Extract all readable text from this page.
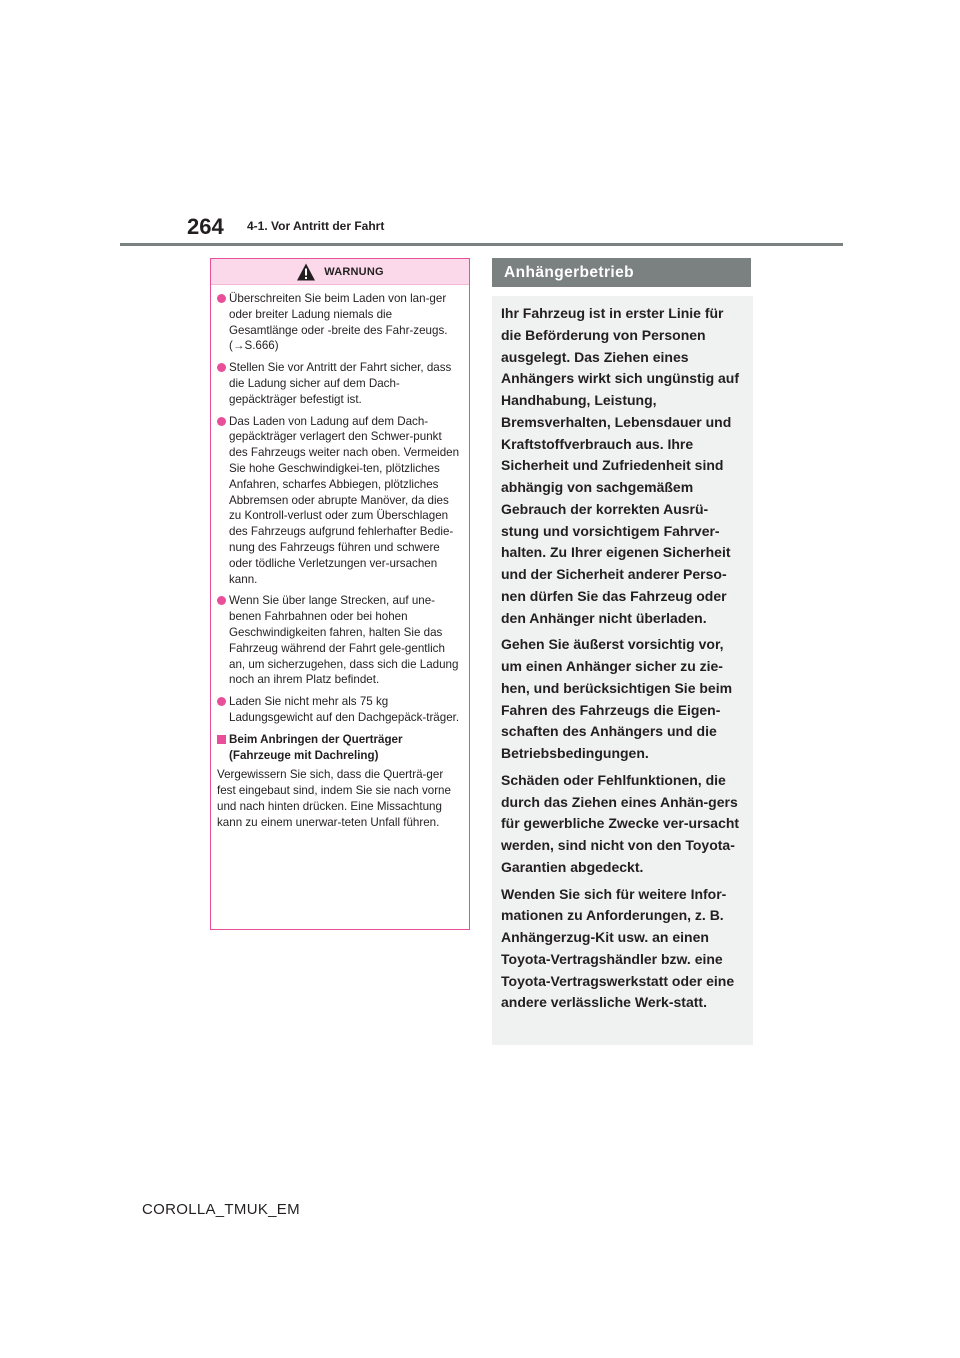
264 4-1. Vor Antritt der Fahrt
WARNUNG
Überschreiten Sie beim Laden von lan-ger oder breiter Ladung niemals die Gesamtlänge oder -breite des Fahr-zeugs. (→S.666)
Stellen Sie vor Antritt der Fahrt sicher, dass die Ladung sicher auf dem Dach-gepäckträger befestigt ist.
Das Laden von Ladung auf dem Dach-gepäckträger verlagert den Schwer-punkt des Fahrzeugs weiter nach oben. Vermeiden Sie hohe Geschwindigkei-ten, plötzliches Anfahren, scharfes Abbiegen, plötzliches Abbremsen oder abrupte Manöver, da dies zu Kontroll-verlust oder zum Überschlagen des Fahrzeugs aufgrund fehlerhafter Bedie-nung des Fahrzeugs führen und schwere oder tödliche Verletzungen ver-ursachen kann.
Wenn Sie über lange Strecken, auf une-benen Fahrbahnen oder bei hohen Geschwindigkeiten fahren, halten Sie das Fahrzeug während der Fahrt gele-gentlich an, um sicherzugehen, dass sich die Ladung noch an ihrem Platz befindet.
Laden Sie nicht mehr als 75 kg Ladungsgewicht auf den Dachgepäck-träger.
Beim Anbringen der Querträger (Fahrzeuge mit Dachreling)
Vergewissern Sie sich, dass die Querträ-ger fest eingebaut sind, indem Sie sie nach vorne und nach hinten drücken. Eine Missachtung kann zu einem unerwar-teten Unfall führen.
Anhängerbetrieb

Ihr Fahrzeug ist in erster Linie für die Beförderung von Personen ausgelegt. Das Ziehen eines Anhängers wirkt sich ungünstig auf Handhabung, Leistung, Bremsverhalten, Lebensdauer und Kraftstoffverbrauch aus. Ihre Sicherheit und Zufriedenheit sind abhängig von sachgemäßem Gebrauch der korrekten Ausrü-stung und vorsichtigem Fahrver-halten. Zu Ihrer eigenen Sicherheit und der Sicherheit anderer Perso-nen dürfen Sie das Fahrzeug oder den Anhänger nicht überladen.

Gehen Sie äußerst vorsichtig vor, um einen Anhänger sicher zu zie-hen, und berücksichtigen Sie beim Fahren des Fahrzeugs die Eigen-schaften des Anhängers und die Betriebsbedingungen.

Schäden oder Fehlfunktionen, die durch das Ziehen eines Anhän-gers für gewerbliche Zwecke ver-ursacht werden, sind nicht von den Toyota-Garantien abgedeckt.

Wenden Sie sich für weitere Infor-mationen zu Anforderungen, z. B. Anhängerzug-Kit usw. an einen Toyota-Vertragshändler bzw. eine Toyota-Vertragswerkstatt oder eine andere verlässliche Werk-statt.

COROLLA_TMUK_EM
